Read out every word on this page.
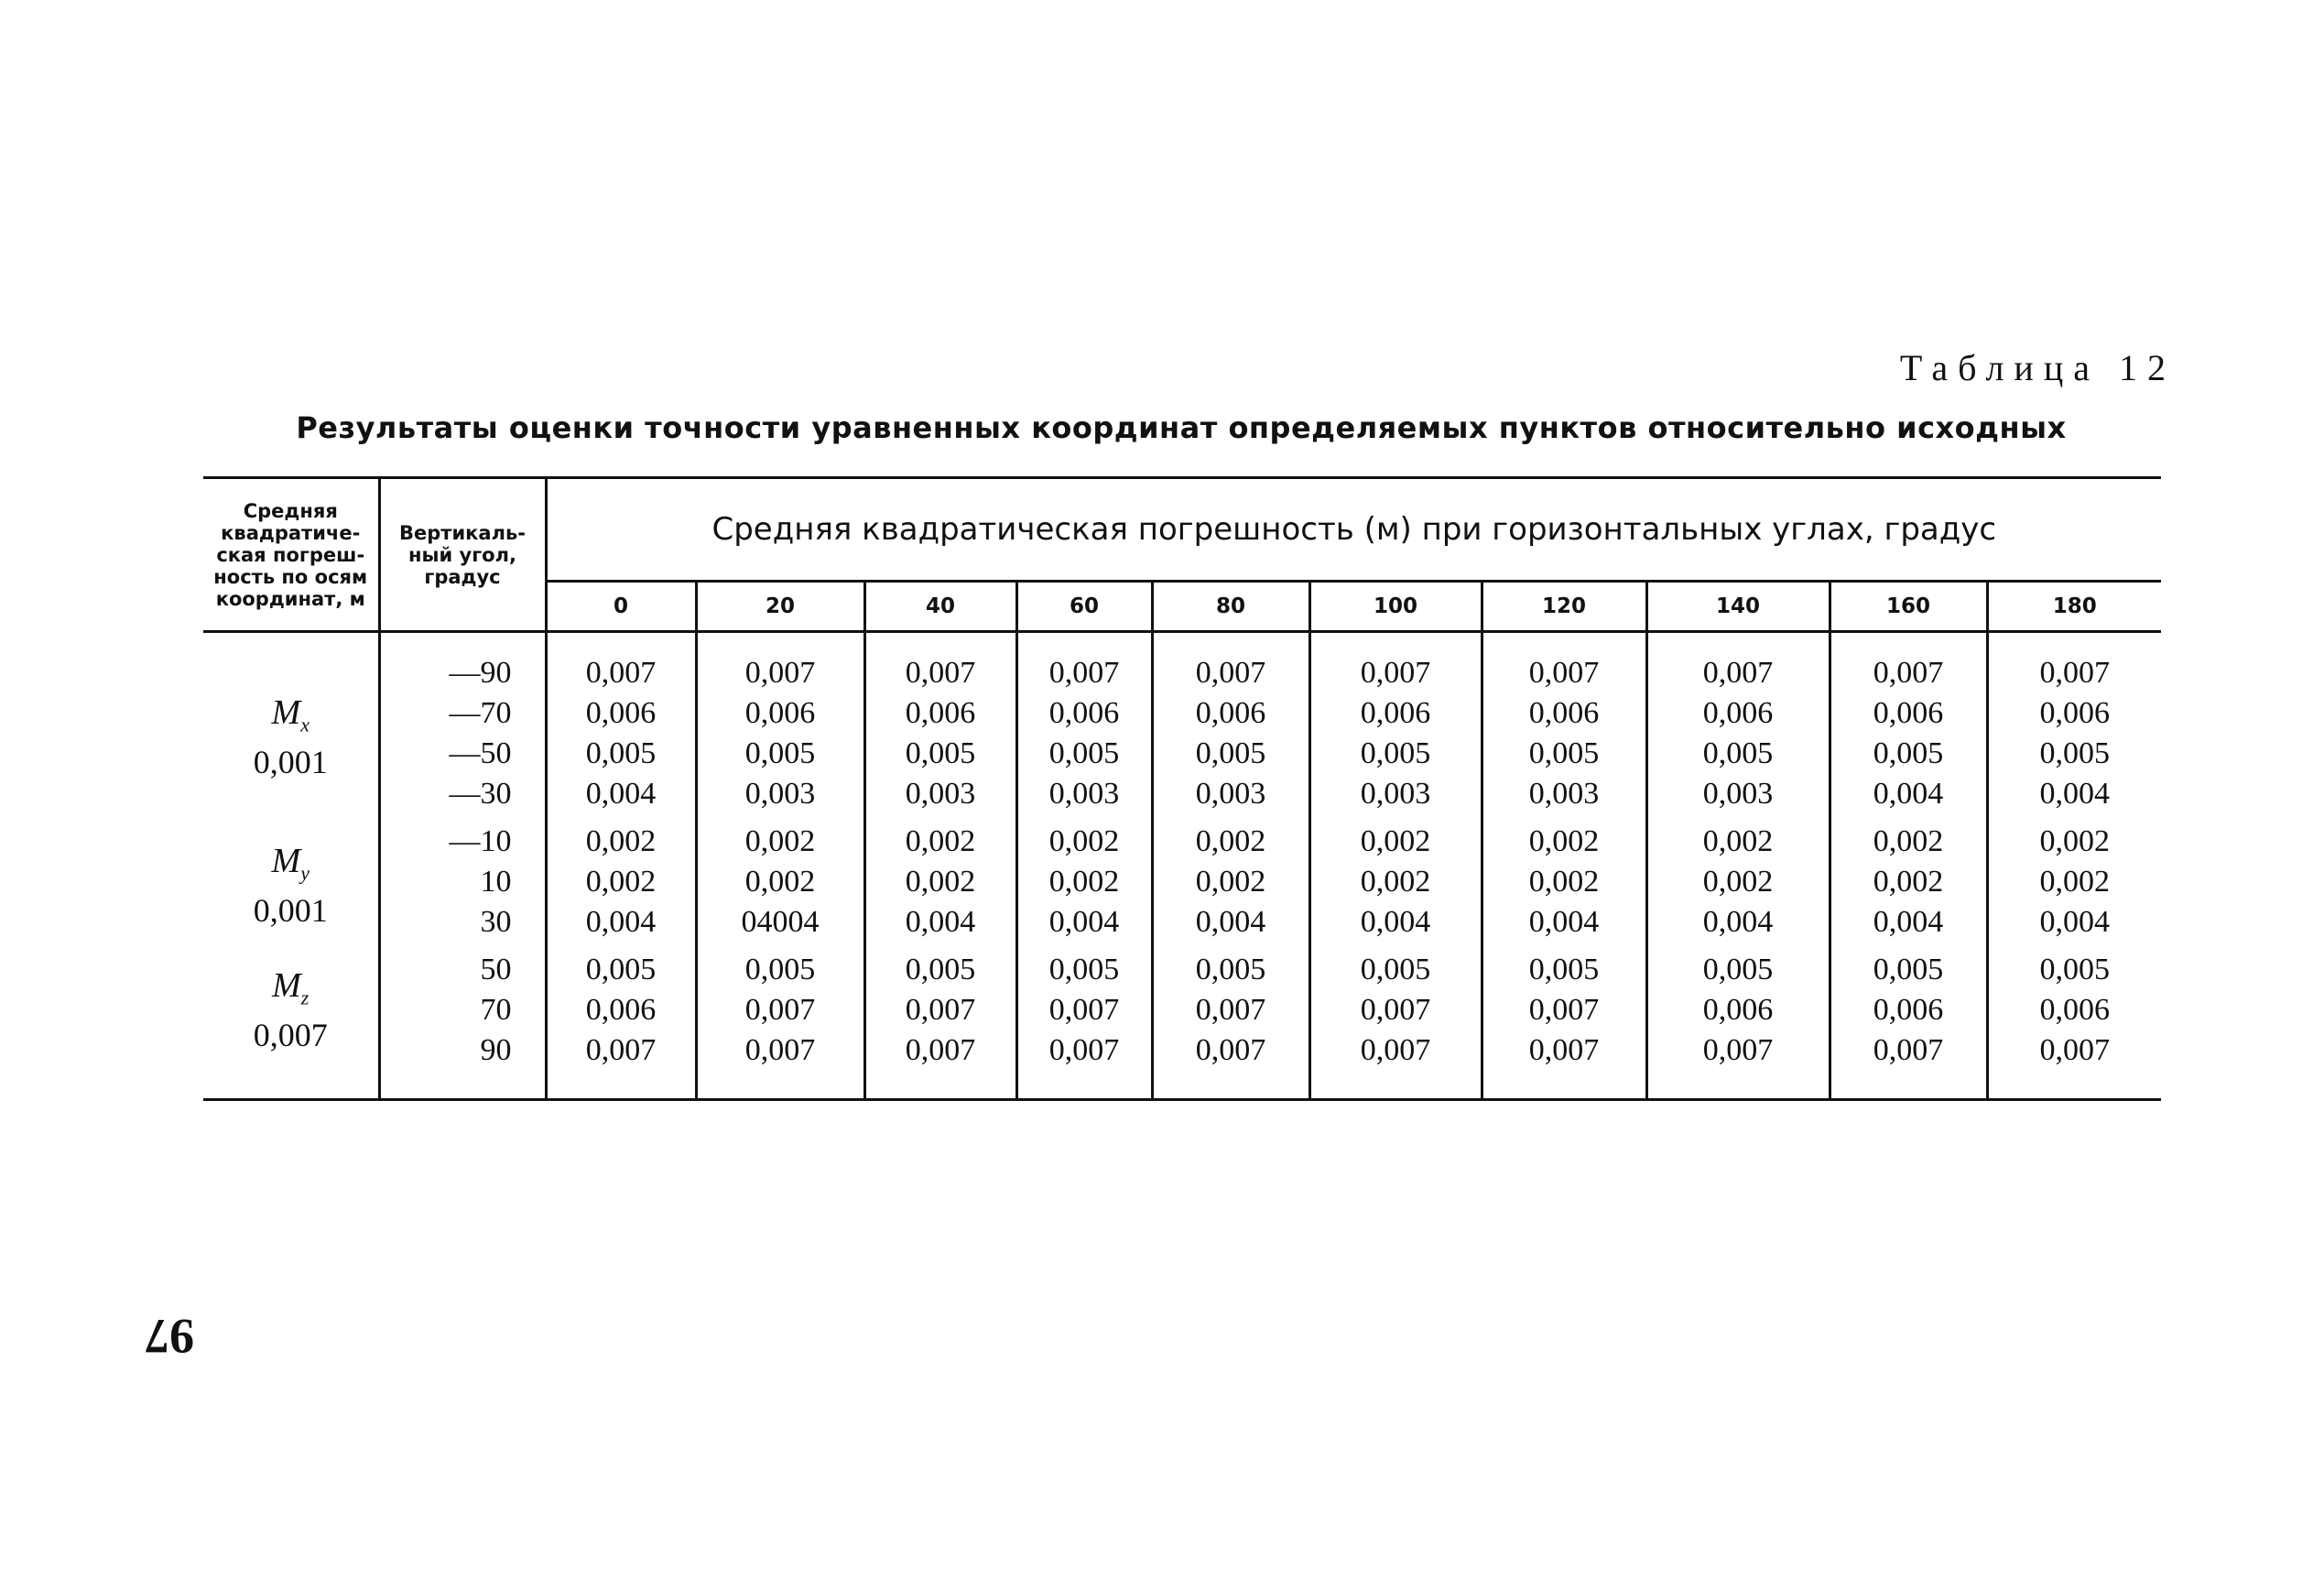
Таблица 12
Результаты оценки точности уравненных координат определяемых пунктов относительно исходных
Средняя квадратиче-ская погреш-ность по осям координат, м	Вертикаль-ный угол, градус	Средняя квадратическая погрешность (м) при горизонтальных углах, градус									
		0	20	40	60	80	100	120	140	160	180

$M_x$
0,001	—90	0,007	0,007	0,007	0,007	0,007	0,007	0,007	0,007	0,007	0,007
	—70	0,006	0,006	0,006	0,006	0,006	0,006	0,006	0,006	0,006	0,006
	—50	0,005	0,005	0,005	0,005	0,005	0,005	0,005	0,005	0,005	0,005
	—30	0,004	0,003	0,003	0,003	0,003	0,003	0,003	0,003	0,004	0,004

$M_y$
0,001	—10	0,002	0,002	0,002	0,002	0,002	0,002	0,002	0,002	0,002	0,002
	10	0,002	0,002	0,002	0,002	0,002	0,002	0,002	0,002	0,002	0,002
	30	0,004	04004	0,004	0,004	0,004	0,004	0,004	0,004	0,004	0,004

$M_z$
0,007	50	0,005	0,005	0,005	0,005	0,005	0,005	0,005	0,005	0,005	0,005
	70	0,006	0,007	0,007	0,007	0,007	0,007	0,007	0,006	0,006	0,006
	90	0,007	0,007	0,007	0,007	0,007	0,007	0,007	0,007	0,007	0,007

97
